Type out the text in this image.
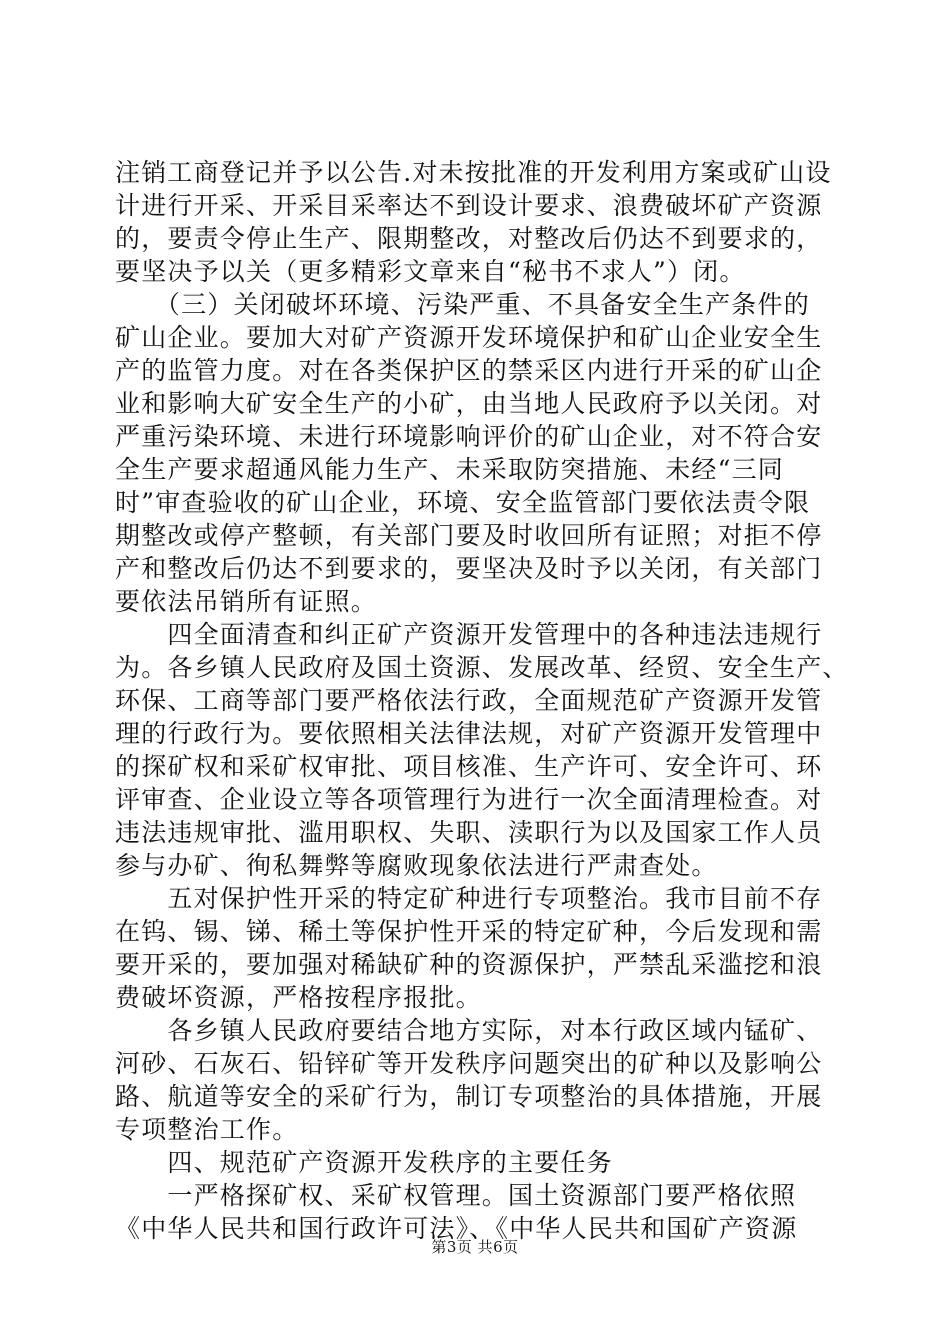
注销工商登记并予以公告.对未按批准的开发利用方案或矿山设
计进行开采、开采目采率达不到设计要求、浪费破坏矿产资源
的，要责令停止生产、限期整改，对整改后仍达不到要求的，
要坚决予以关（更多精彩文章来自“秘书不求人”）闭。
　　（三）关闭破坏环境、污染严重、不具备安全生产条件的
矿山企业。要加大对矿产资源开发环境保护和矿山企业安全生
产的监管力度。对在各类保护区的禁采区内进行开采的矿山企
业和影响大矿安全生产的小矿，由当地人民政府予以关闭。对
严重污染环境、未进行环境影响评价的矿山企业，对不符合安
全生产要求超通风能力生产、未采取防突措施、未经“三同
时”审查验收的矿山企业，环境、安全监管部门要依法责令限
期整改或停产整顿，有关部门要及时收回所有证照；对拒不停
产和整改后仍达不到要求的，要坚决及时予以关闭，有关部门
要依法吊销所有证照。
　　四全面清查和纠正矿产资源开发管理中的各种违法违规行
为。各乡镇人民政府及国土资源、发展改革、经贸、安全生产、
环保、工商等部门要严格依法行政，全面规范矿产资源开发管
理的行政行为。要依照相关法律法规，对矿产资源开发管理中
的探矿权和采矿权审批、项目核准、生产许可、安全许可、环
评审查、企业设立等各项管理行为进行一次全面清理检查。对
违法违规审批、滥用职权、失职、渎职行为以及国家工作人员
参与办矿、徇私舞弊等腐败现象依法进行严肃查处。
　　五对保护性开采的特定矿种进行专项整治。我市目前不存
在钨、锡、锑、稀土等保护性开采的特定矿种，今后发现和需
要开采的，要加强对稀缺矿种的资源保护，严禁乱采滥挖和浪
费破坏资源，严格按程序报批。
　　各乡镇人民政府要结合地方实际，对本行政区域内锰矿、
河砂、石灰石、铅锌矿等开发秩序问题突出的矿种以及影响公
路、航道等安全的采矿行为，制订专项整治的具体措施，开展
专项整治工作。
　　四、规范矿产资源开发秩序的主要任务
　　一严格探矿权、采矿权管理。国土资源部门要严格依照
《中华人民共和国行政许可法》、《中华人民共和国矿产资源
第3页 共6页
